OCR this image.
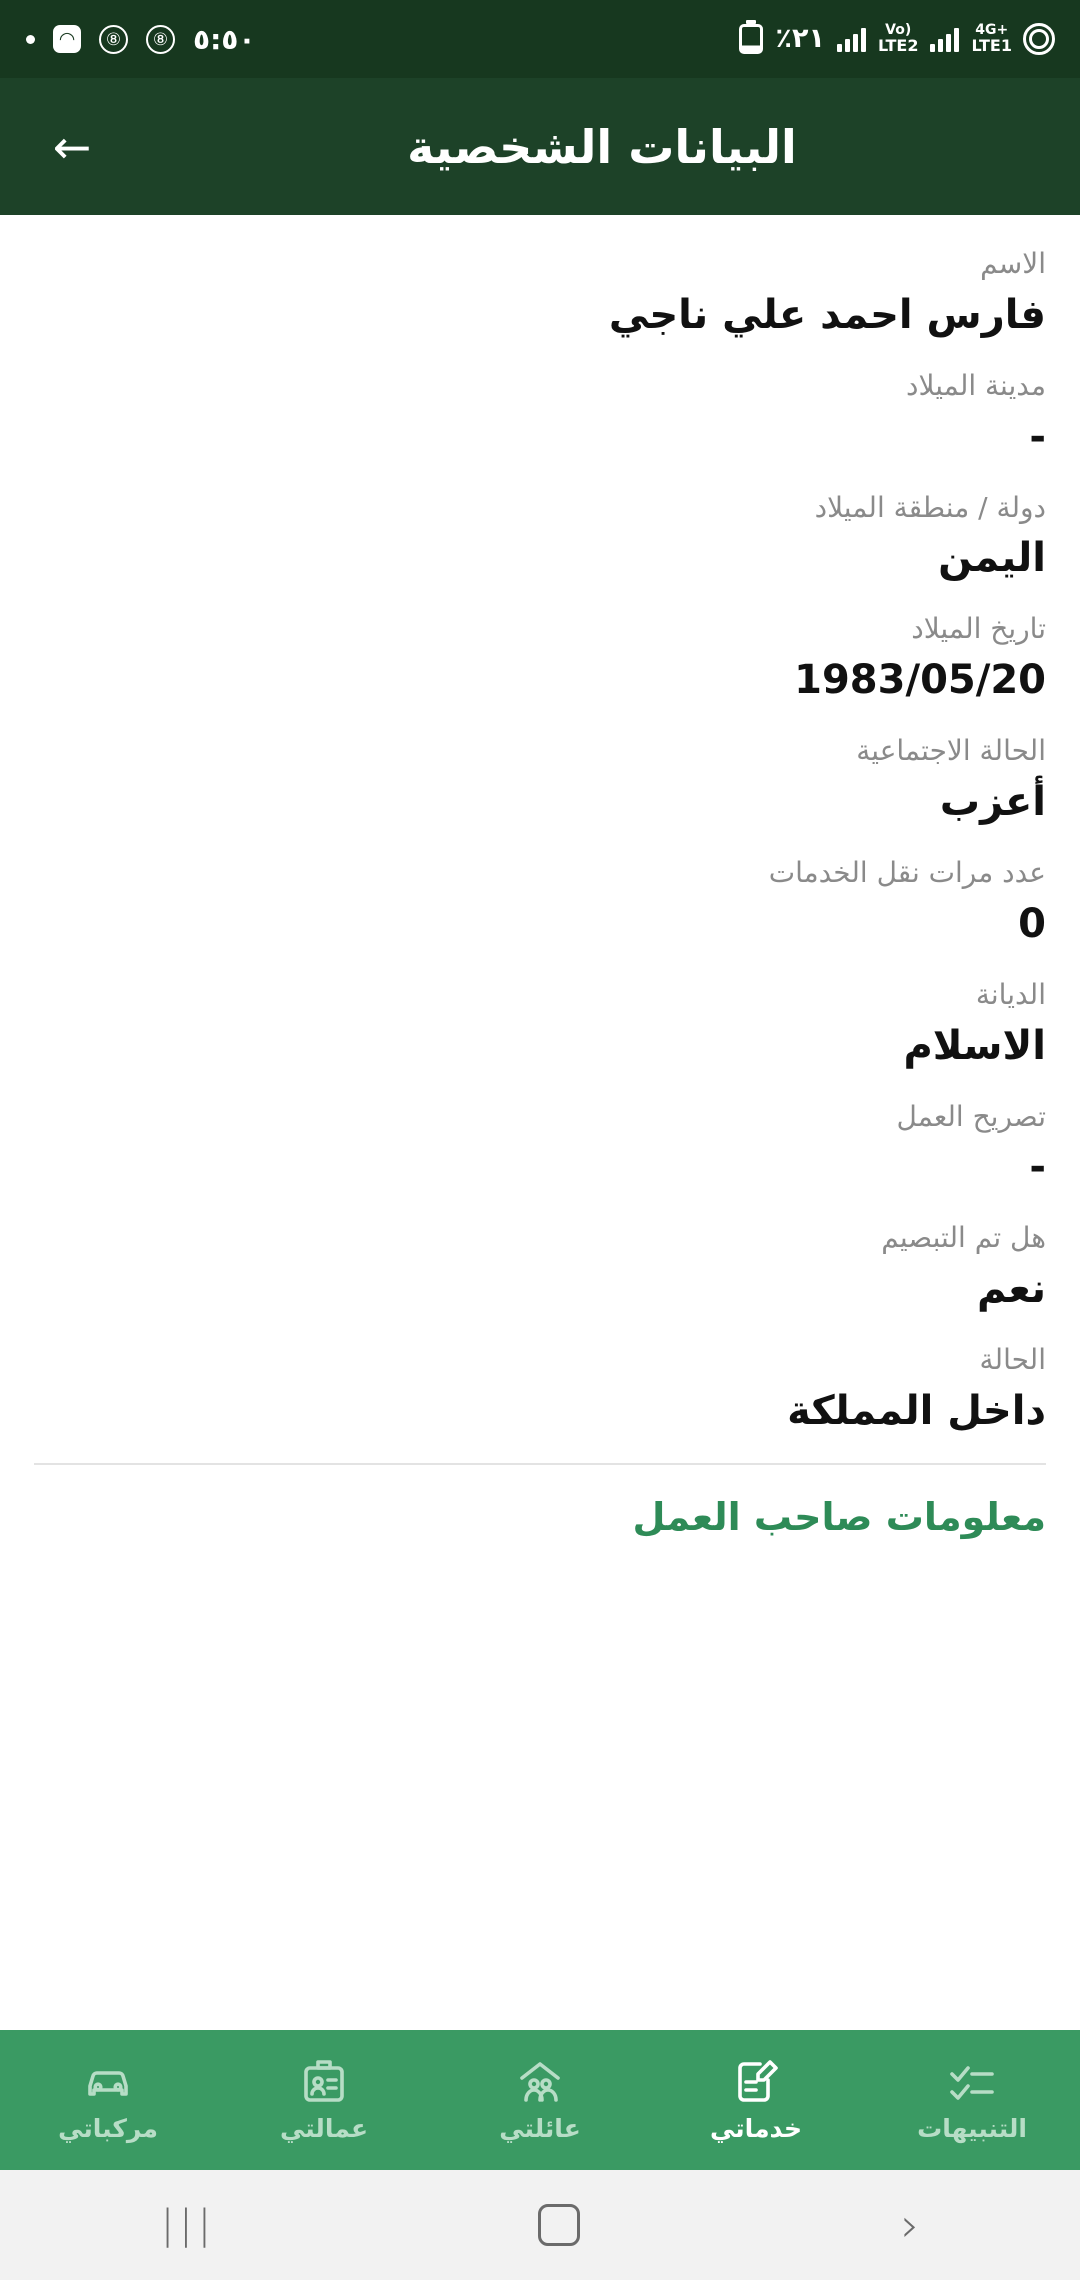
٪٢١	Vo)
LTE2
4G+
LTE1
◠	⑧	⑧ ٥:٥٠
البيانات الشخصية
→
الاسم
فارس احمد علي ناجي
مدينة الميلاد
-
دولة / منطقة الميلاد
اليمن
تاريخ الميلاد
1983/05/20
الحالة الاجتماعية
أعزب
عدد مرات نقل الخدمات
0
الديانة
الاسلام
تصريح العمل
-
هل تم التبصيم
نعم
الحالة
داخل المملكة
معلومات صاحب العمل
التنبيهات
خدماتي
عائلتي
عمالتي
مركباتي
|||	›
